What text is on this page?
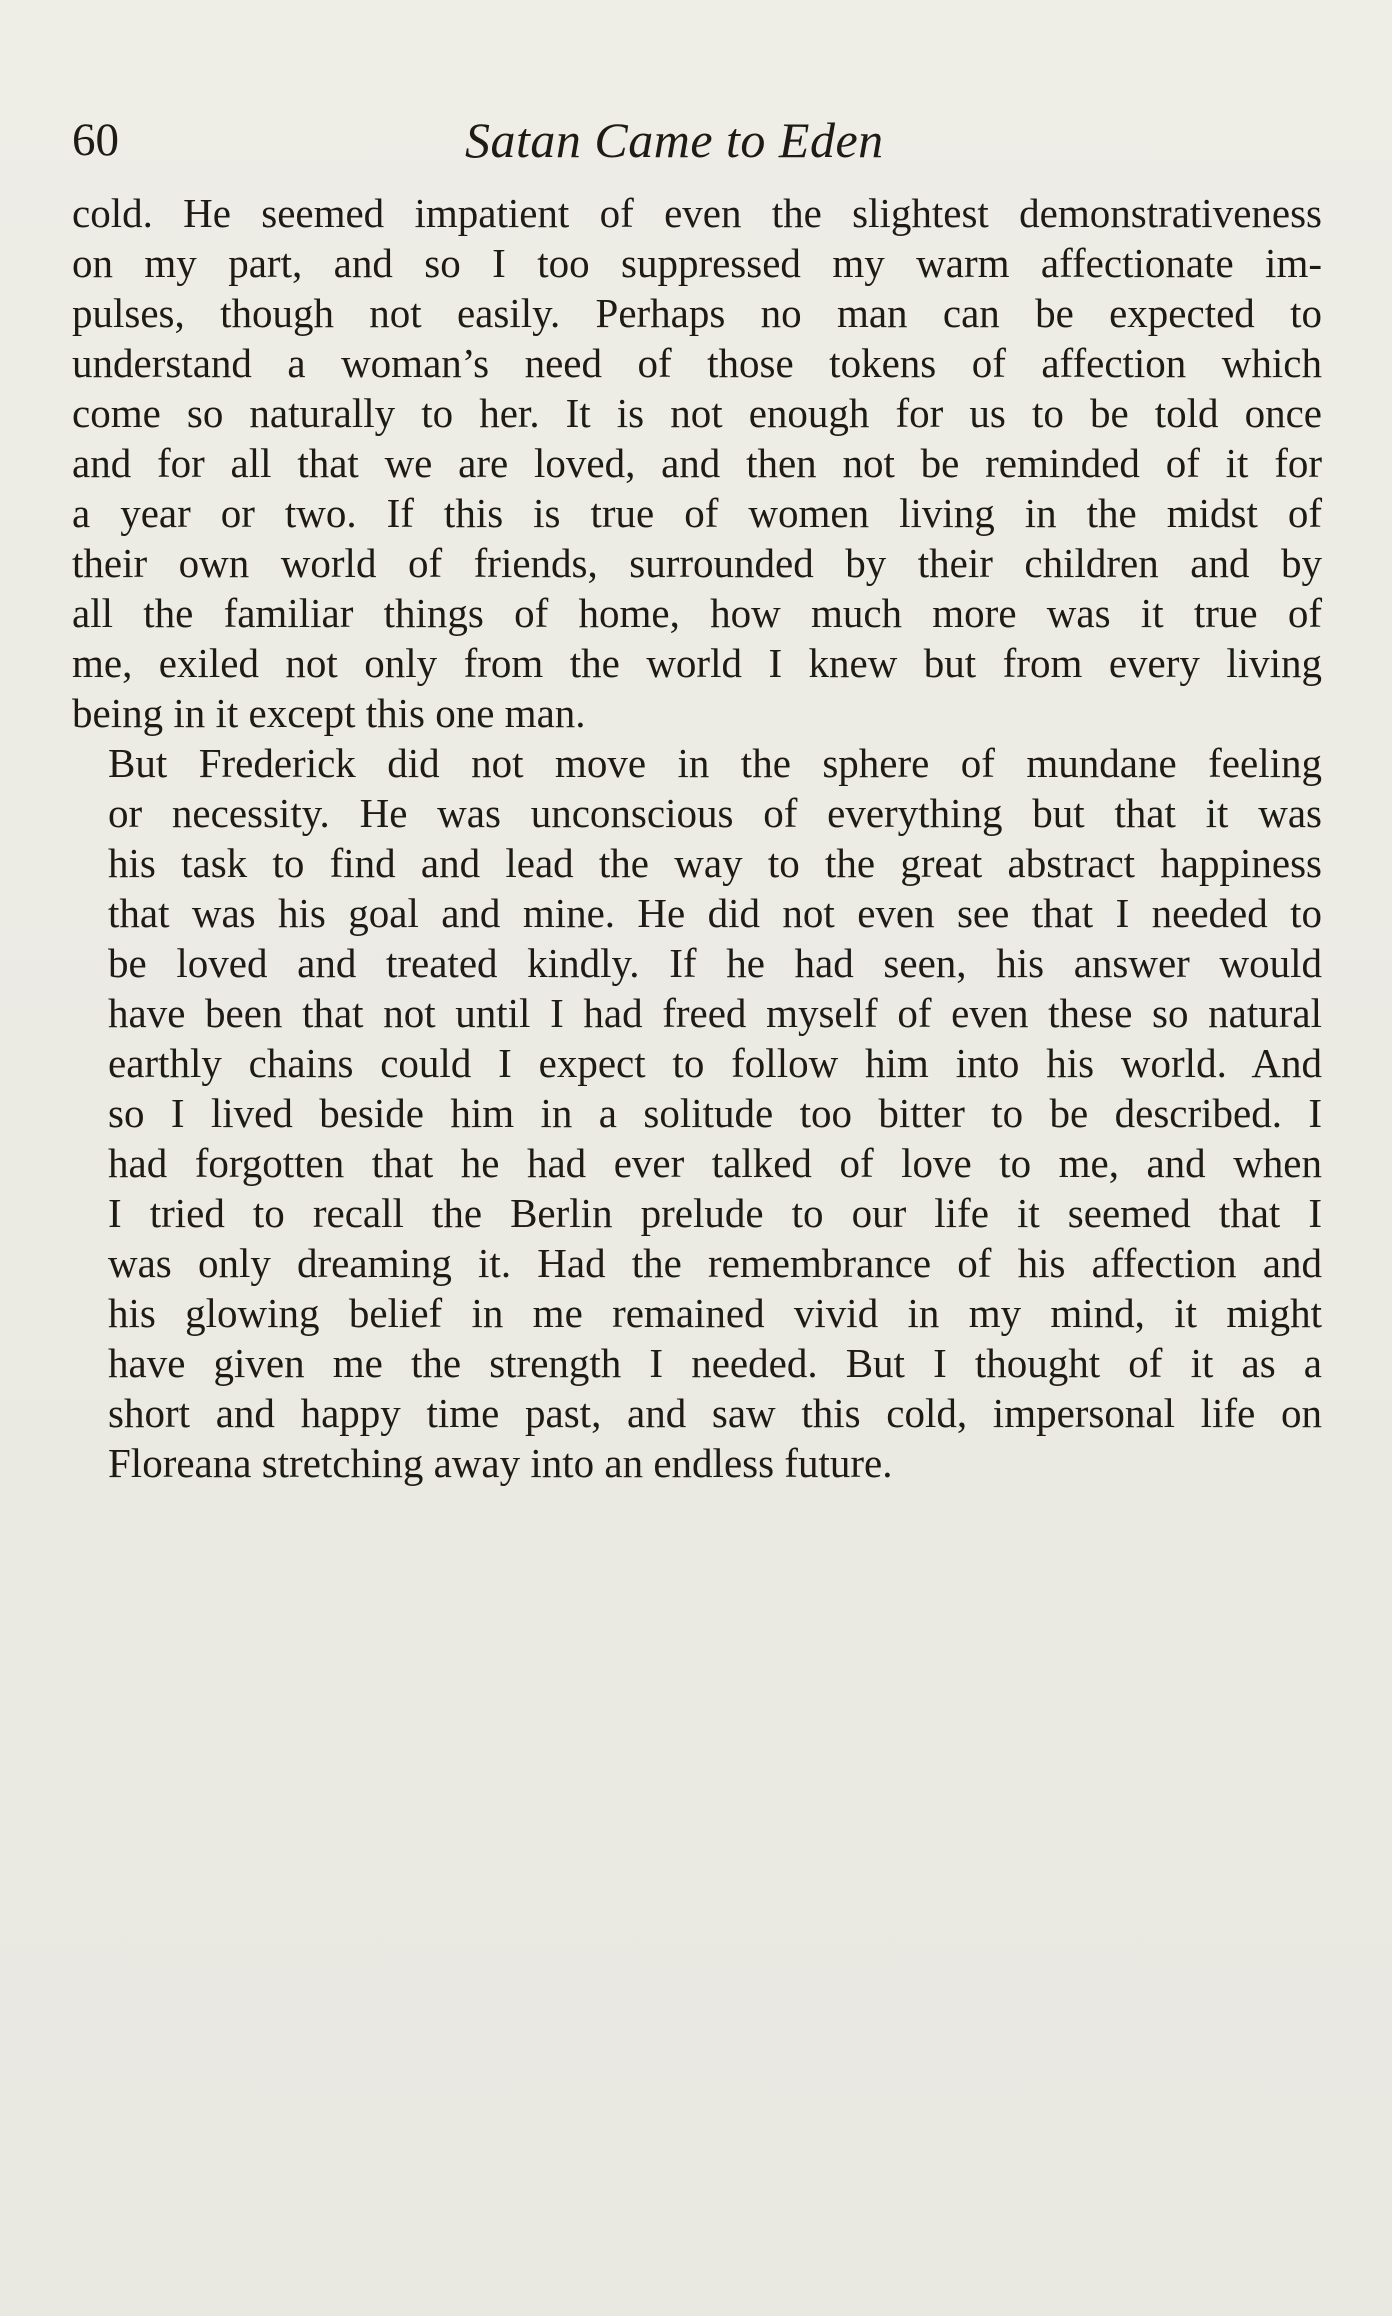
60	Satan Came to Eden

cold. He seemed impatient of even the slightest demonstrativeness
on my part, and so I too suppressed my warm affectionate im-
pulses, though not easily. Perhaps no man can be expected to
understand a woman’s need of those tokens of affection which
come so naturally to her. It is not enough for us to be told once
and for all that we are loved, and then not be reminded of it for
a year or two. If this is true of women living in the midst of
their own world of friends, surrounded by their children and by
all the familiar things of home, how much more was it true of
me, exiled not only from the world I knew but from every living
being in it except this one man.

But Frederick did not move in the sphere of mundane feeling
or necessity. He was unconscious of everything but that it was
his task to find and lead the way to the great abstract happiness
that was his goal and mine. He did not even see that I needed to
be loved and treated kindly. If he had seen, his answer would
have been that not until I had freed myself of even these so natural
earthly chains could I expect to follow him into his world. And
so I lived beside him in a solitude too bitter to be described. I
had forgotten that he had ever talked of love to me, and when
I tried to recall the Berlin prelude to our life it seemed that I
was only dreaming it. Had the remembrance of his affection and
his glowing belief in me remained vivid in my mind, it might
have given me the strength I needed. But I thought of it as a
short and happy time past, and saw this cold, impersonal life on
Floreana stretching away into an endless future.
